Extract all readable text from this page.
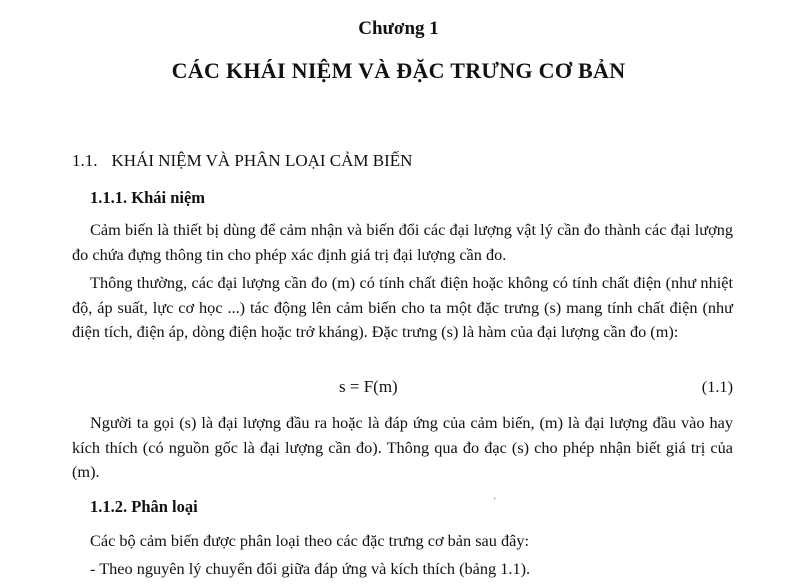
Chương 1
CÁC KHÁI NIỆM VÀ ĐẶC TRƯNG CƠ BẢN
1.1. KHÁI NIỆM VÀ PHÂN LOẠI CẢM BIẾN
1.1.1. Khái niệm
Cảm biến là thiết bị dùng để cảm nhận và biến đổi các đại lượng vật lý cần đo thành các đại lượng đo chứa đựng thông tin cho phép xác định giá trị đại lượng cần đo.
Thông thường, các đại lượng cần đo (m) có tính chất điện hoặc không có tính chất điện (như nhiệt độ, áp suất, lực cơ học ...) tác động lên cảm biến cho ta một đặc trưng (s) mang tính chất điện (như điện tích, điện áp, dòng điện hoặc trở kháng). Đặc trưng (s) là hàm của đại lượng cần đo (m):
s = F(m)	(1.1)
Người ta gọi (s) là đại lượng đầu ra hoặc là đáp ứng của cảm biến, (m) là đại lượng đầu vào hay kích thích (có nguồn gốc là đại lượng cần đo). Thông qua đo đạc (s) cho phép nhận biết giá trị của (m).
·
1.1.2. Phân loại
Các bộ cảm biến được phân loại theo các đặc trưng cơ bản sau đây:
- Theo nguyên lý chuyển đổi giữa đáp ứng và kích thích (bảng 1.1).
